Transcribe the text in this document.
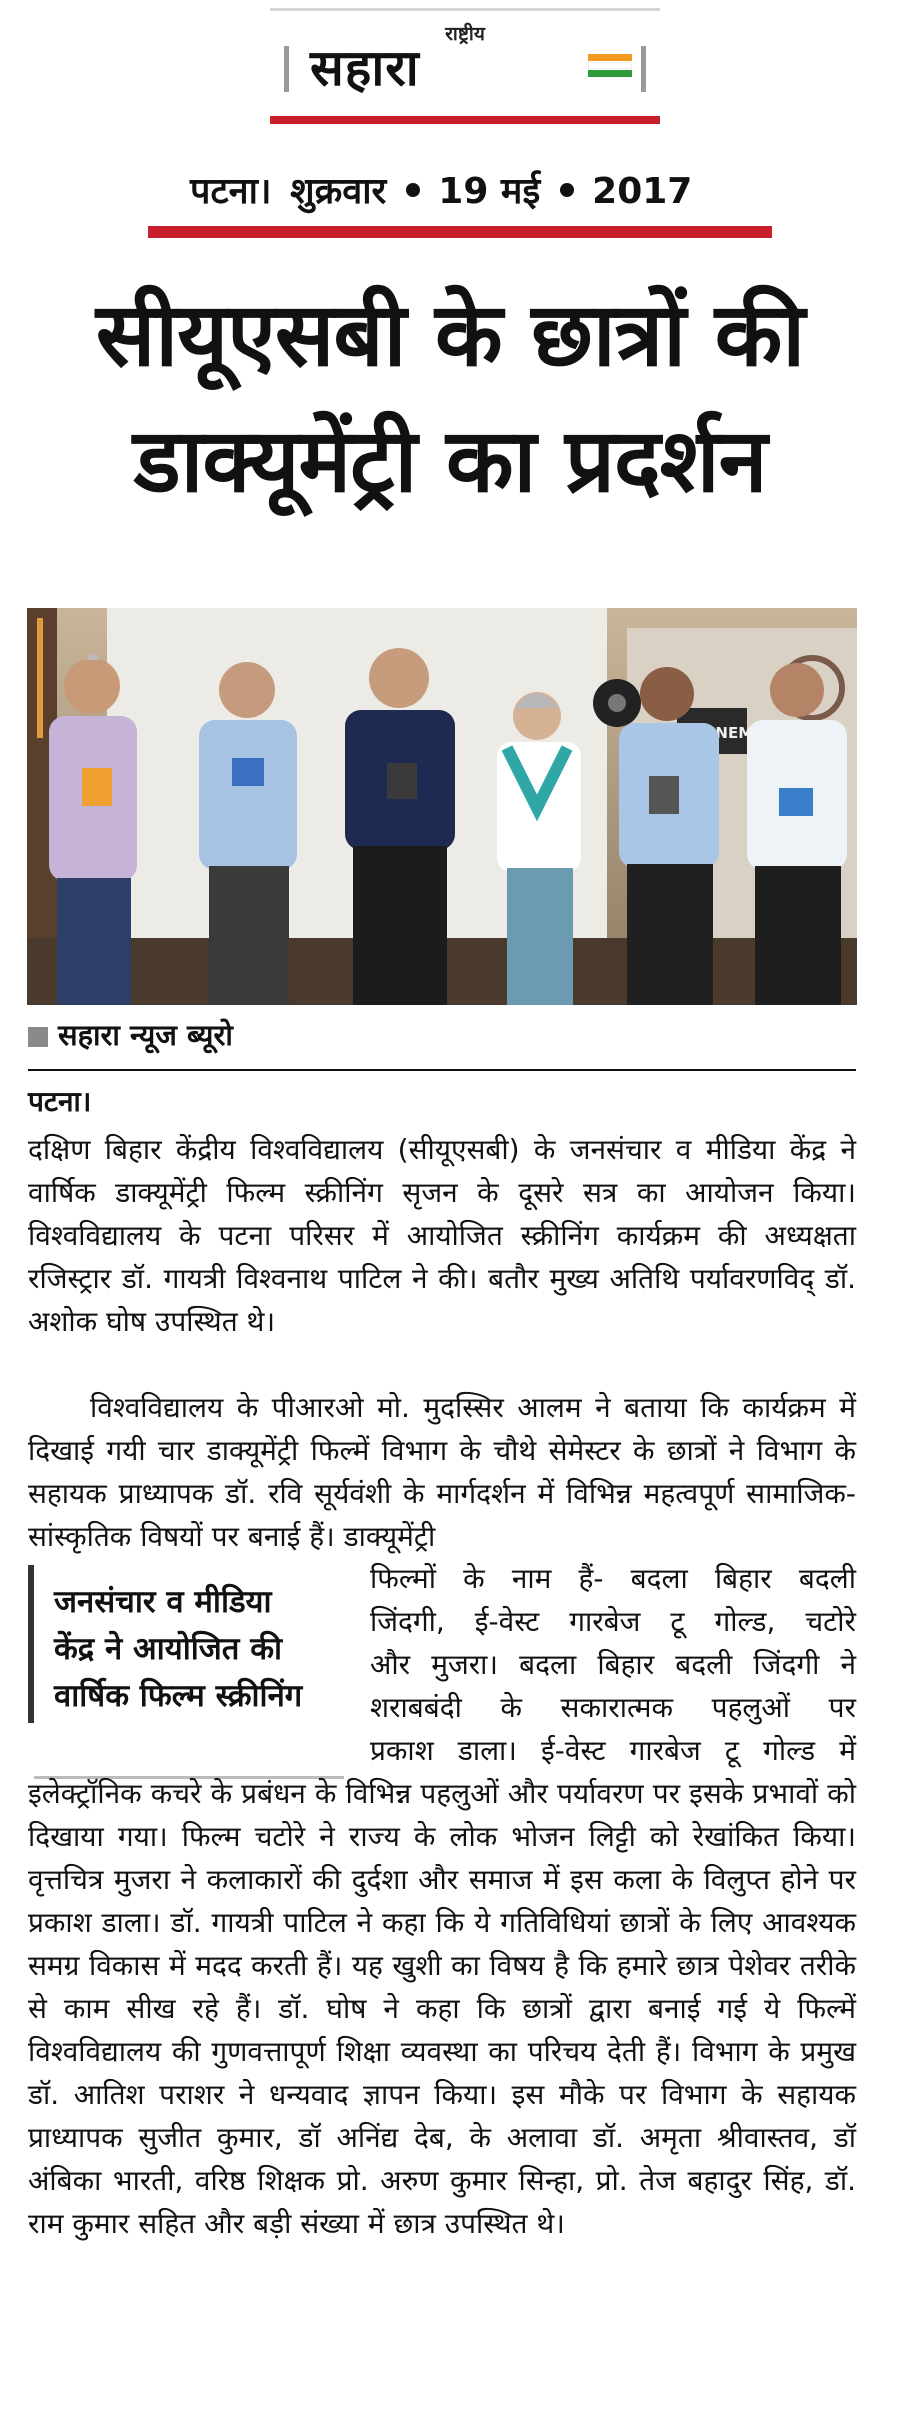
राष्ट्रीय
सहारा
पटना। शुक्रवार 19 मई 2017
सीयूएसबी के छात्रों की
डाक्यूमेंट्री का प्रदर्शन
CINEMA
सहारा न्यूज ब्यूरो
पटना।
दक्षिण बिहार केंद्रीय विश्वविद्यालय (सीयूएसबी) के जनसंचार व मीडिया केंद्र ने वार्षिक डाक्यूमेंट्री फिल्म स्क्रीनिंग सृजन के दूसरे सत्र का आयोजन किया। विश्वविद्यालय के पटना परिसर में आयोजित स्क्रीनिंग कार्यक्रम की अध्यक्षता रजिस्ट्रार डॉ. गायत्री विश्वनाथ पाटिल ने की। बतौर मुख्य अतिथि पर्यावरणविद् डॉ. अशोक घोष उपस्थित थे।
विश्वविद्यालय के पीआरओ मो. मुदस्सिर आलम ने बताया कि कार्यक्रम में दिखाई गयी चार डाक्यूमेंट्री फिल्में विभाग के चौथे सेमेस्टर के छात्रों ने विभाग के सहायक प्राध्यापक डॉ. रवि सूर्यवंशी के मार्गदर्शन में विभिन्न महत्वपूर्ण सामाजिक-सांस्कृतिक विषयों पर बनाई हैं। डाक्यूमेंट्री
फिल्मों के नाम हैं- बदला बिहार बदली
जिंदगी, ई-वेस्ट गारबेज टू गोल्ड, चटोरे
और मुजरा। बदला बिहार बदली जिंदगी ने
शराबबंदी के सकारात्मक पहलुओं पर
प्रकाश डाला। ई-वेस्ट गारबेज टू गोल्ड में
जनसंचार व मीडिया
केंद्र ने आयोजित की
वार्षिक फिल्म स्क्रीनिंग
इलेक्ट्रॉनिक कचरे के प्रबंधन के विभिन्न पहलुओं और पर्यावरण पर इसके प्रभावों को दिखाया गया। फिल्म चटोरे ने राज्य के लोक भोजन लिट्टी को रेखांकित किया। वृत्तचित्र मुजरा ने कलाकारों की दुर्दशा और समाज में इस कला के विलुप्त होने पर प्रकाश डाला। डॉ. गायत्री पाटिल ने कहा कि ये गतिविधियां छात्रों के लिए आवश्यक समग्र विकास में मदद करती हैं। यह खुशी का विषय है कि हमारे छात्र पेशेवर तरीके से काम सीख रहे हैं। डॉ. घोष ने कहा कि छात्रों द्वारा बनाई गई ये फिल्में विश्वविद्यालय की गुणवत्तापूर्ण शिक्षा व्यवस्था का परिचय देती हैं। विभाग के प्रमुख डॉ. आतिश पराशर ने धन्यवाद ज्ञापन किया। इस मौके पर विभाग के सहायक प्राध्यापक सुजीत कुमार, डॉ अनिंद्य देब, के अलावा डॉ. अमृता श्रीवास्तव, डॉ अंबिका भारती, वरिष्ठ शिक्षक प्रो. अरुण कुमार सिन्हा, प्रो. तेज बहादुर सिंह, डॉ. राम कुमार सहित और बड़ी संख्या में छात्र उपस्थित थे।
